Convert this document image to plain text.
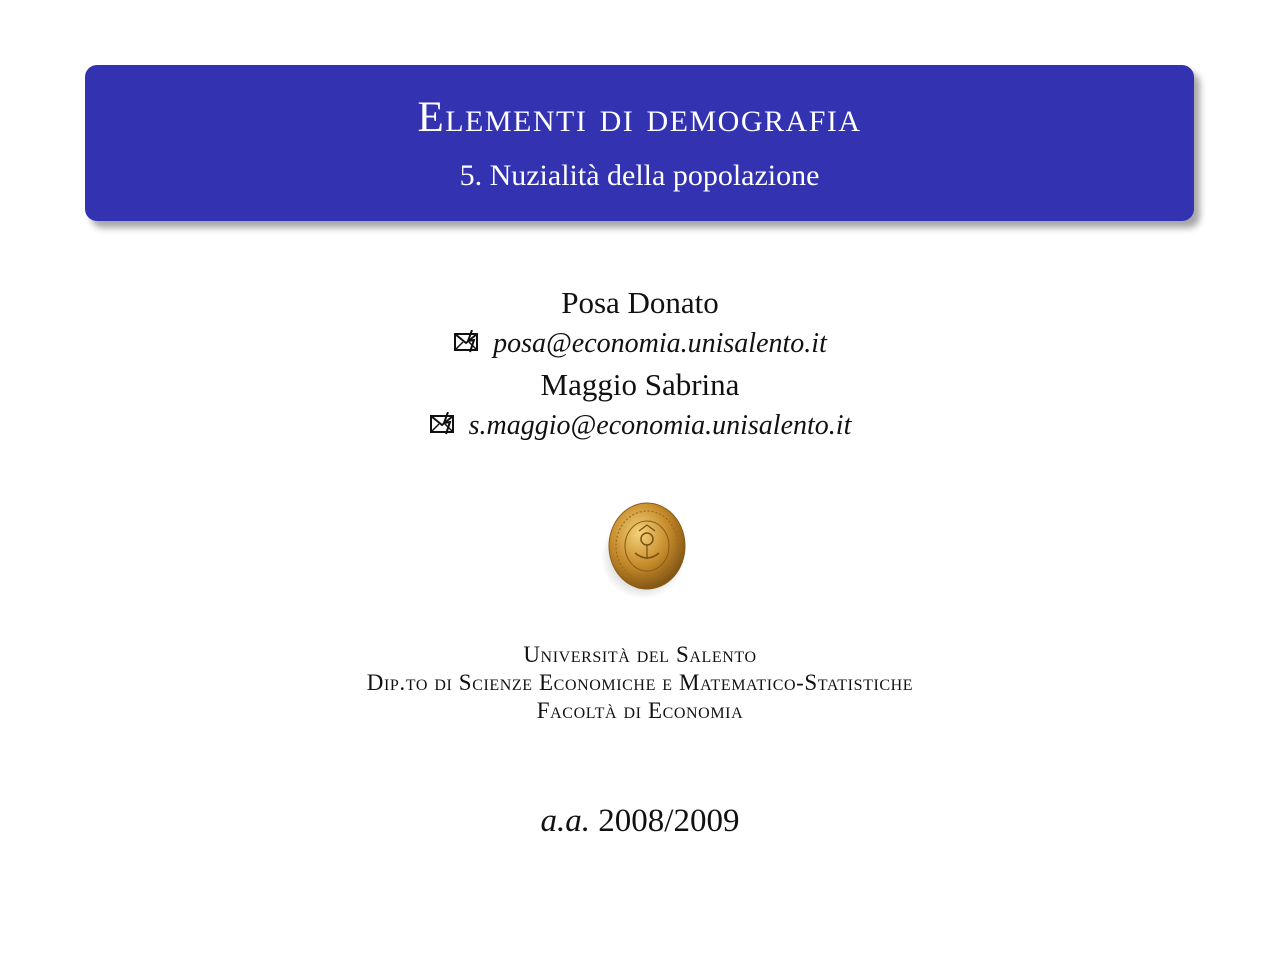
Elementi di demografia
5. Nuzialità della popolazione
Posa Donato
posa@economia.unisalento.it
Maggio Sabrina
s.maggio@economia.unisalento.it
Università del Salento
Dip.to di Scienze Economiche e Matematico-Statistiche
Facoltà di Economia
a.a. 2008/2009
